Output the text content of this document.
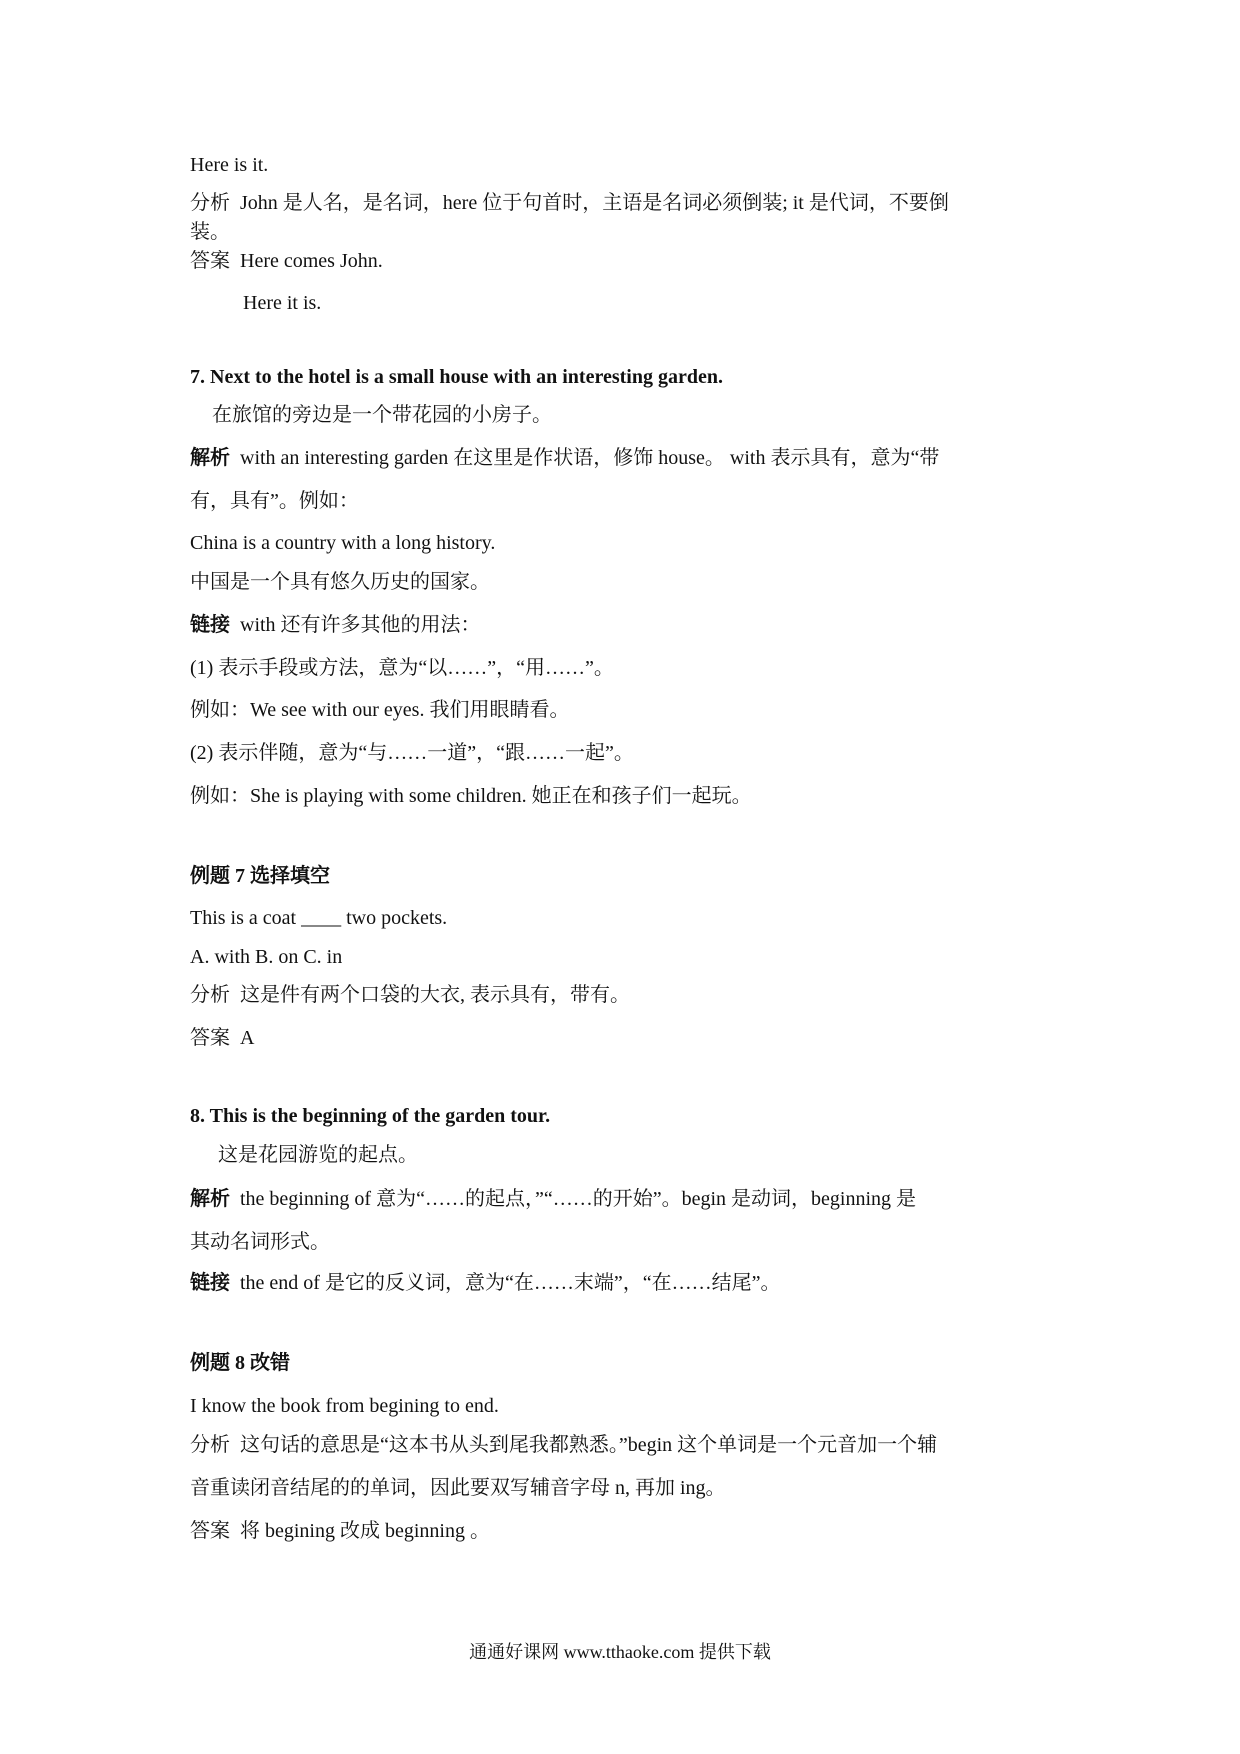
Here is it.
分析 John 是人名，是名词，here 位于句首时，主语是名词必须倒装; it 是代词，不要倒
装。
答案 Here comes John.
Here it is.
7. Next to the hotel is a small house with an interesting garden.
在旅馆的旁边是一个带花园的小房子。
解析 with an interesting garden 在这里是作状语，修饰 house。 with 表示具有，意为“带
有，具有”。例如：
China is a country with a long history.
中国是一个具有悠久历史的国家。
链接 with 还有许多其他的用法：
(1) 表示手段或方法，意为“以……”，“用……”。
例如：We see with our eyes. 我们用眼睛看。
(2) 表示伴随，意为“与……一道”，“跟……一起”。
例如：She is playing with some children. 她正在和孩子们一起玩。
例题 7 选择填空
This is a coat ____ two pockets.
A. with B. on C. in
分析 这是件有两个口袋的大衣, 表示具有，带有。
答案 A
8. This is the beginning of the garden tour.
这是花园游览的起点。
解析 the beginning of 意为“……的起点，”“……的开始”。begin 是动词，beginning 是
其动名词形式。
链接 the end of 是它的反义词，意为“在……末端”，“在……结尾”。
例题 8 改错
I know the book from begining to end.
分析 这句话的意思是“这本书从头到尾我都熟悉。”begin 这个单词是一个元音加一个辅
音重读闭音结尾的的单词，因此要双写辅音字母 n, 再加 ing。
答案 将 begining 改成 beginning 。
通通好课网 www.tthaoke.com 提供下载
